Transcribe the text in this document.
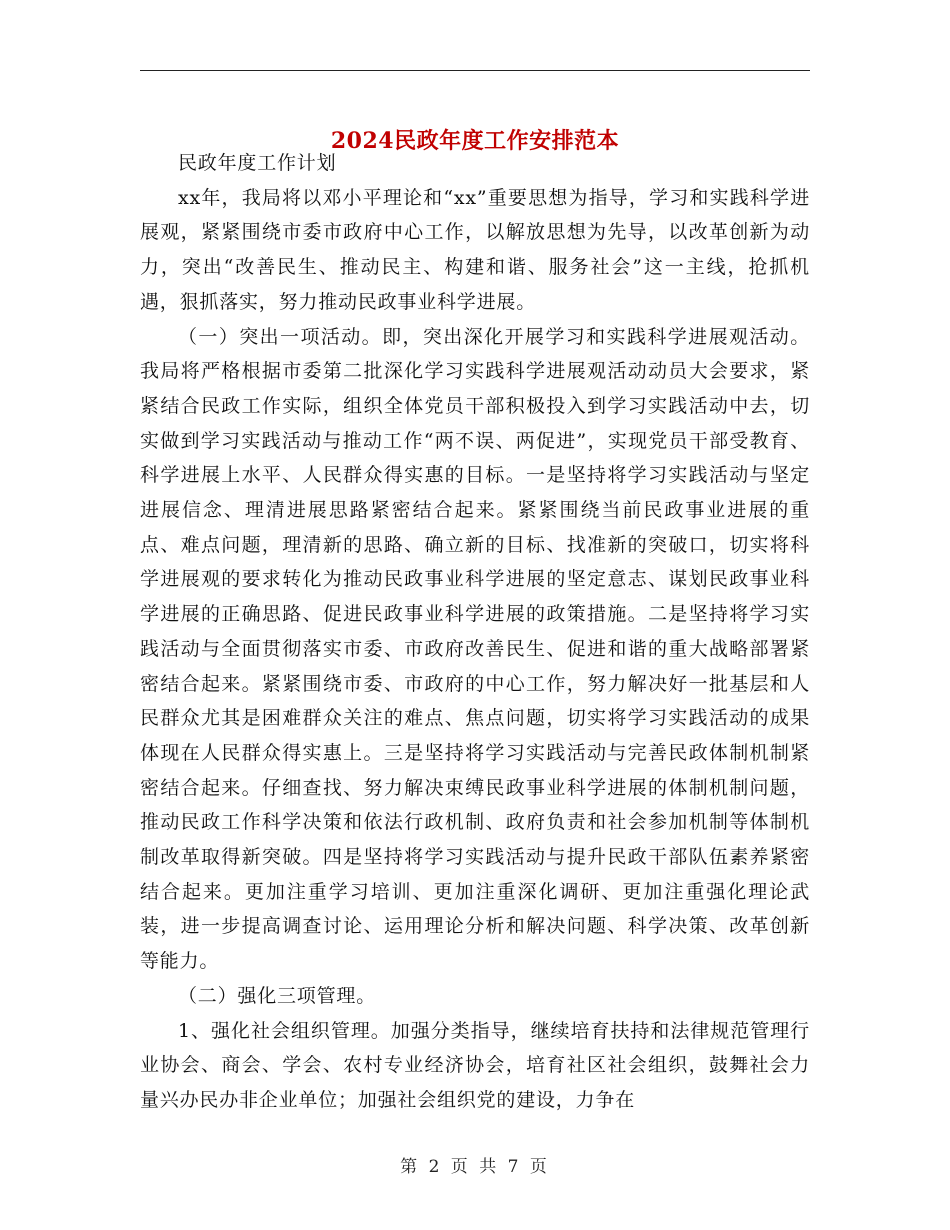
2024民政年度工作安排范本

民政年度工作计划

xx年，我局将以邓小平理论和“xx”重要思想为指导，学习和实践科学进展观，紧紧围绕市委市政府中心工作，以解放思想为先导，以改革创新为动力，突出“改善民生、推动民主、构建和谐、服务社会”这一主线，抢抓机遇，狠抓落实，努力推动民政事业科学进展。

（一）突出一项活动。即，突出深化开展学习和实践科学进展观活动。我局将严格根据市委第二批深化学习实践科学进展观活动动员大会要求，紧紧结合民政工作实际，组织全体党员干部积极投入到学习实践活动中去，切实做到学习实践活动与推动工作“两不误、两促进”，实现党员干部受教育、科学进展上水平、人民群众得实惠的目标。一是坚持将学习实践活动与坚定进展信念、理清进展思路紧密结合起来。紧紧围绕当前民政事业进展的重点、难点问题，理清新的思路、确立新的目标、找准新的突破口，切实将科学进展观的要求转化为推动民政事业科学进展的坚定意志、谋划民政事业科学进展的正确思路、促进民政事业科学进展的政策措施。二是坚持将学习实践活动与全面贯彻落实市委、市政府改善民生、促进和谐的重大战略部署紧密结合起来。紧紧围绕市委、市政府的中心工作，努力解决好一批基层和人民群众尤其是困难群众关注的难点、焦点问题，切实将学习实践活动的成果体现在人民群众得实惠上。三是坚持将学习实践活动与完善民政体制机制紧密结合起来。仔细查找、努力解决束缚民政事业科学进展的体制机制问题，推动民政工作科学决策和依法行政机制、政府负责和社会参加机制等体制机制改革取得新突破。四是坚持将学习实践活动与提升民政干部队伍素养紧密结合起来。更加注重学习培训、更加注重深化调研、更加注重强化理论武装，进一步提高调查讨论、运用理论分析和解决问题、科学决策、改革创新等能力。

（二）强化三项管理。

1、强化社会组织管理。加强分类指导，继续培育扶持和法律规范管理行业协会、商会、学会、农村专业经济协会，培育社区社会组织，鼓舞社会力量兴办民办非企业单位；加强社会组织党的建设，力争在

第 2 页 共 7 页
